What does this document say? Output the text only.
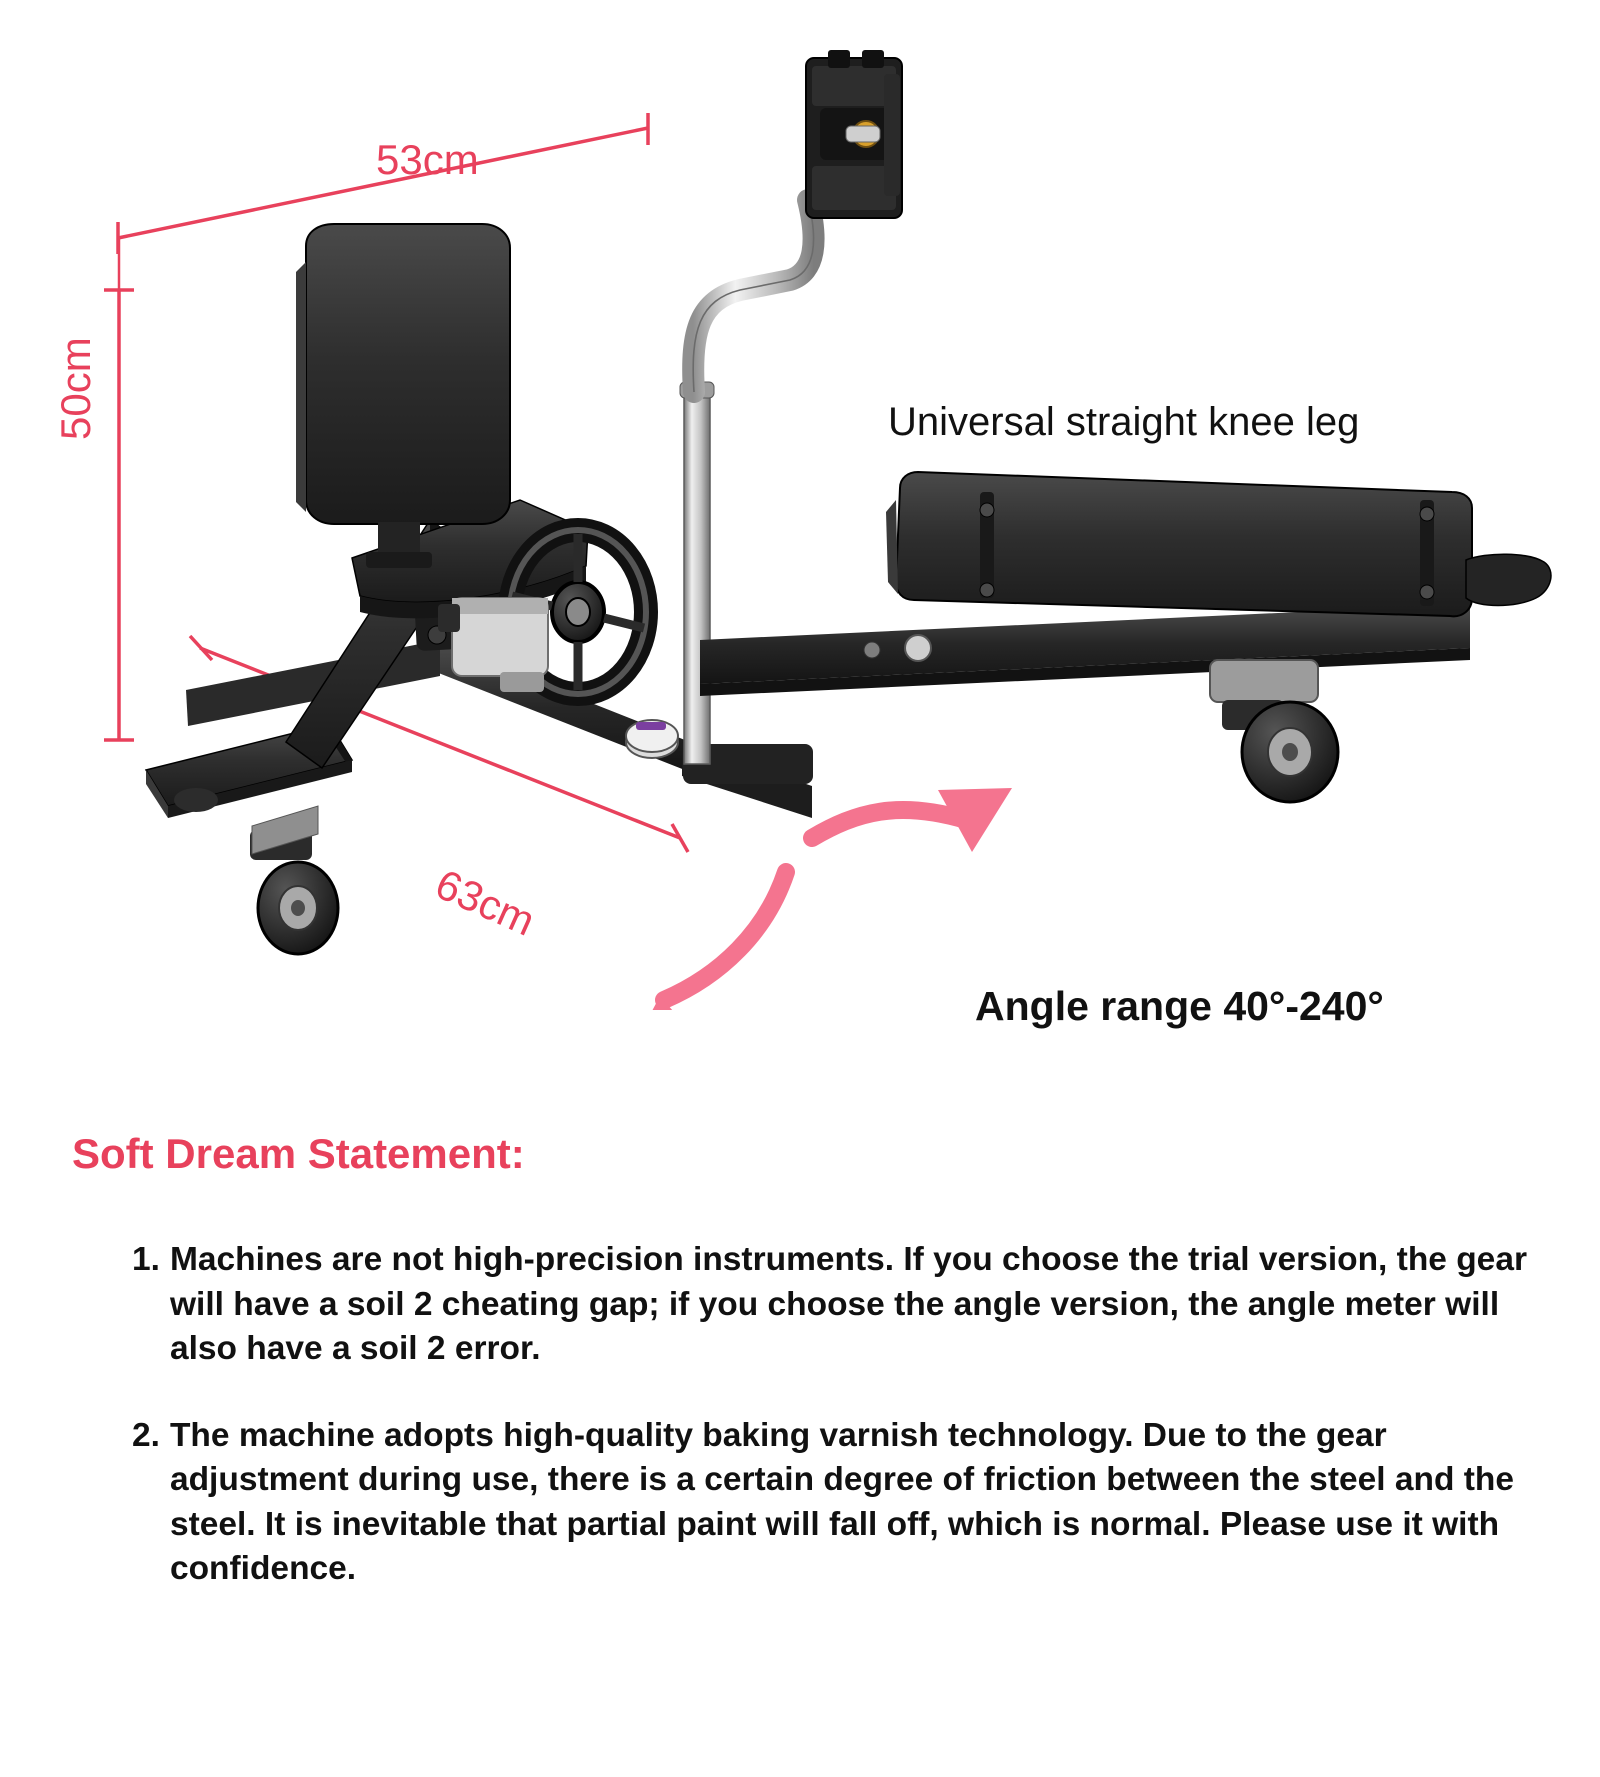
53cm
50cm
63cm
Universal straight knee leg
Angle range 40°-240°
Soft Dream Statement:
1. Machines are not high-precision instruments. If you choose the trial version, the gear will have a soil 2 cheating gap; if you choose the angle version, the angle meter will also have a soil 2 error.
2. The machine adopts high-quality baking varnish technology. Due to the gear adjustment during use, there is a certain degree of friction between the steel and the steel. It is inevitable that partial paint will fall off, which is normal. Please use it with confidence.
